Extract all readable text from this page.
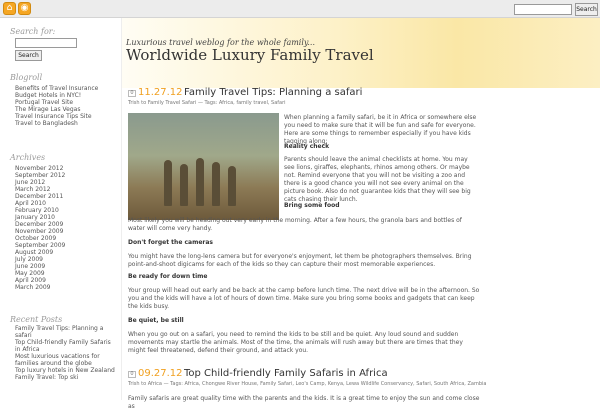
⌂ ◉	Search
Search for:
Search
Blogroll
Benefits of Travel Insurance
Budget Hotels in NYC!
Portugal Travel Site
The Mirage Las Vegas
Travel Insurance Tips Site
Travel to Bangladesh
Archives
November 2012
September 2012
June 2012
March 2012
December 2011
April 2010
February 2010
January 2010
December 2009
November 2009
October 2009
September 2009
August 2009
July 2009
June 2009
May 2009
April 2009
March 2009
Recent Posts
Family Travel Tips: Planning a safari
Top Child-friendly Family Safaris in Africa
Most luxurious vacations for families around the globe
Top luxury hotels in New Zealand
Family Travel: Top ski
Luxurious travel weblog for the whole family...
Worldwide Luxury Family Travel
0 11.27.12 Family Travel Tips: Planning a safari
Trish to Family Travel Safari — Tags: Africa, family travel, Safari
When planning a family safari, be it in Africa or somewhere else you need to make sure that it will be fun and safe for everyone. Here are some things to remember especially if you have kids tagging along:
Reality check
Parents should leave the animal checklists at home. You may see lions, giraffes, elephants, rhinos among others. Or maybe not. Remind everyone that you will not be visiting a zoo and there is a good chance you will not see every animal on the picture book. Also do not guarantee kids that they will see big cats chasing their lunch.
Bring some food
Most likely you will be heading out very early in the morning. After a few hours, the granola bars and bottles of water will come very handy.
Don't forget the cameras
You might have the long-lens camera but for everyone's enjoyment, let them be photographers themselves. Bring point-and-shoot digicams for each of the kids so they can capture their most memorable experiences.
Be ready for down time
Your group will head out early and be back at the camp before lunch time. The next drive will be in the afternoon. So you and the kids will have a lot of hours of down time. Make sure you bring some books and gadgets that can keep the kids busy.
Be quiet, be still
When you go out on a safari, you need to remind the kids to be still and be quiet. Any loud sound and sudden movements may startle the animals. Most of the time, the animals will rush away but there are times that they might feel threatened, defend their ground, and attack you.
0 09.27.12 Top Child-friendly Family Safaris in Africa
Trish to Africa — Tags: Africa, Chongwe River House, Family Safari, Leo's Camp, Kenya, Lewa Wildlife Conservancy, Safari, South Africa, Zambia
Family safaris are great quality time with the parents and the kids. It is a great time to enjoy the sun and come close as
